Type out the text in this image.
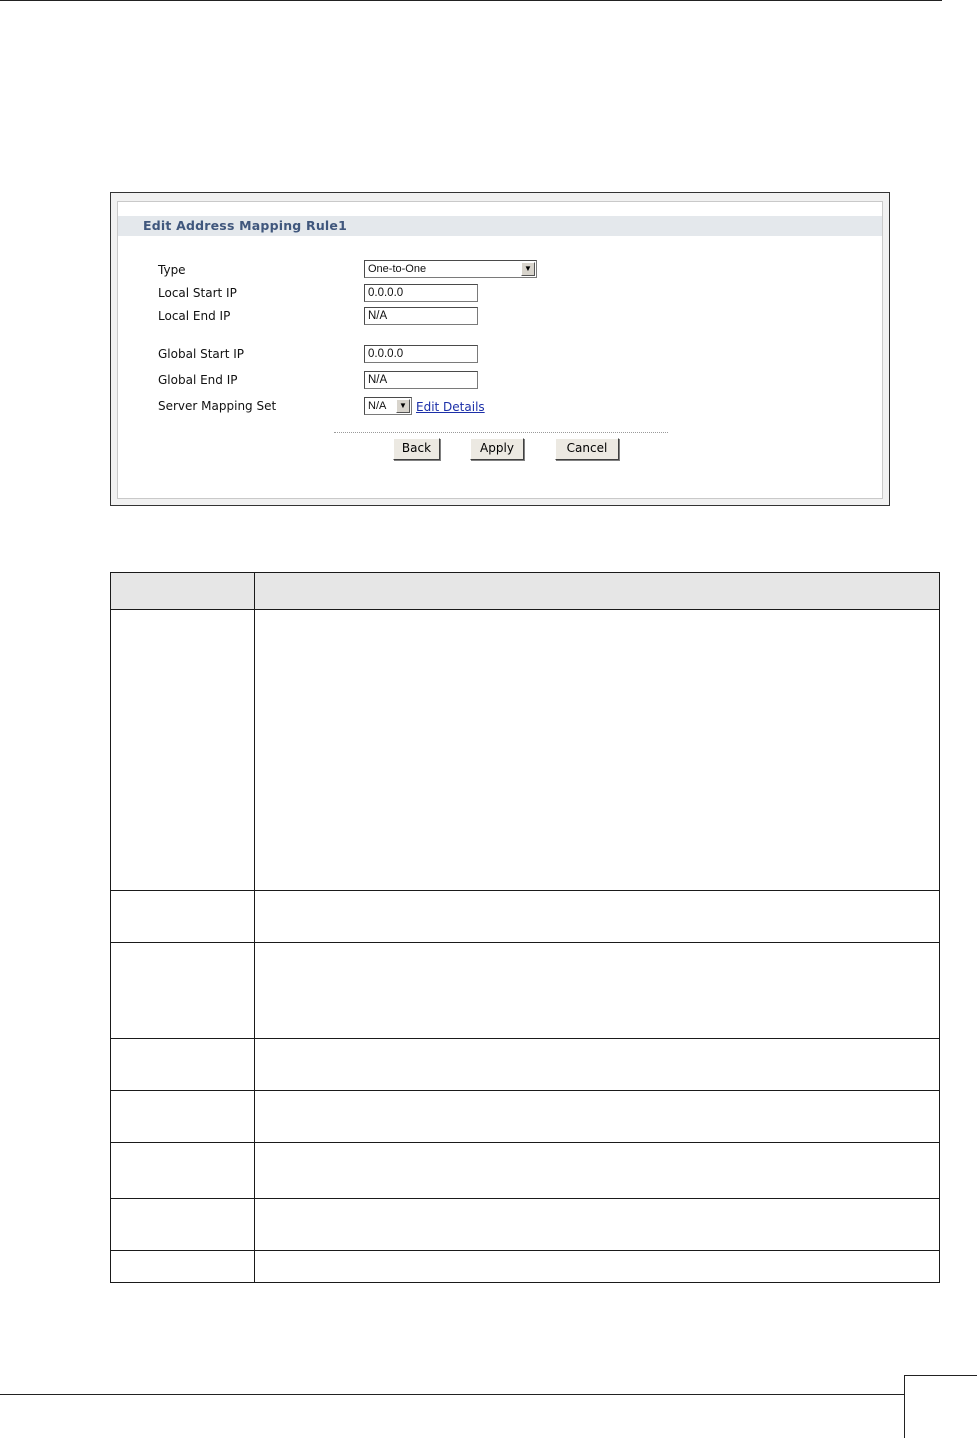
Edit Address Mapping Rule1
Type	One-to-One	▼
Local Start IP	0.0.0.0
Local End IP	N/A
Global Start IP	0.0.0.0
Global End IP	N/A
Server Mapping Set	N/A	▼ Edit Details
Back	Apply	Cancel
